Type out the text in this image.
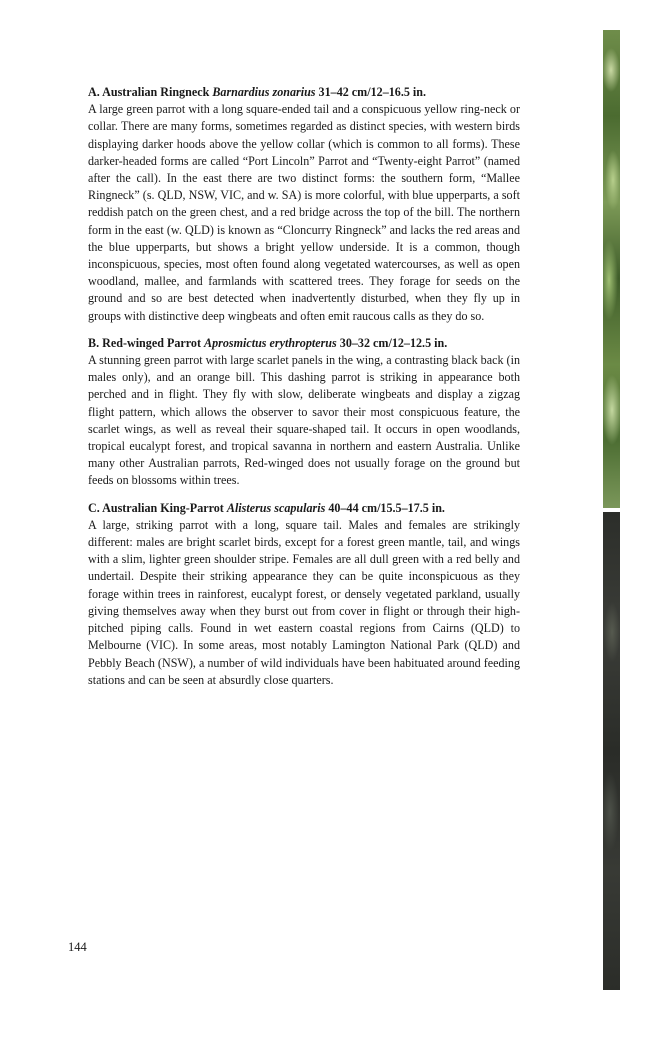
A. Australian Ringneck Barnardius zonarius 31–42 cm/12–16.5 in.

A large green parrot with a long square-ended tail and a conspicuous yellow ring-neck or collar. There are many forms, sometimes regarded as distinct species, with western birds displaying darker hoods above the yellow collar (which is common to all forms). These darker-headed forms are called “Port Lincoln” Parrot and “Twenty-eight Parrot” (named after the call). In the east there are two distinct forms: the southern form, “Mallee Ringneck” (s. QLD, NSW, VIC, and w. SA) is more colorful, with blue upperparts, a soft reddish patch on the green chest, and a red bridge across the top of the bill. The northern form in the east (w. QLD) is known as “Cloncurry Ringneck” and lacks the red areas and the blue upperparts, but shows a bright yellow underside. It is a common, though inconspicuous, species, most often found along vegetated watercourses, as well as open woodland, mallee, and farmlands with scattered trees. They forage for seeds on the ground and so are best detected when inadvertently disturbed, when they fly up in groups with distinctive deep wingbeats and often emit raucous calls as they do so.

B. Red-winged Parrot Aprosmictus erythropterus 30–32 cm/12–12.5 in.

A stunning green parrot with large scarlet panels in the wing, a contrasting black back (in males only), and an orange bill. This dashing parrot is striking in appearance both perched and in flight. They fly with slow, deliberate wingbeats and display a zigzag flight pattern, which allows the observer to savor their most conspicuous feature, the scarlet wings, as well as reveal their square-shaped tail. It occurs in open woodlands, tropical eucalypt forest, and tropical savanna in northern and eastern Australia. Unlike many other Australian parrots, Red-winged does not usually forage on the ground but feeds on blossoms within trees.

C. Australian King-Parrot Alisterus scapularis 40–44 cm/15.5–17.5 in.

A large, striking parrot with a long, square tail. Males and females are strikingly different: males are bright scarlet birds, except for a forest green mantle, tail, and wings with a slim, lighter green shoulder stripe. Females are all dull green with a red belly and undertail. Despite their striking appearance they can be quite inconspicuous as they forage within trees in rainforest, eucalypt forest, or densely vegetated parkland, usually giving themselves away when they burst out from cover in flight or through their high-pitched piping calls. Found in wet eastern coastal regions from Cairns (QLD) to Melbourne (VIC). In some areas, most notably Lamington National Park (QLD) and Pebbly Beach (NSW), a number of wild individuals have been habituated around feeding stations and can be seen at absurdly close quarters.

144
